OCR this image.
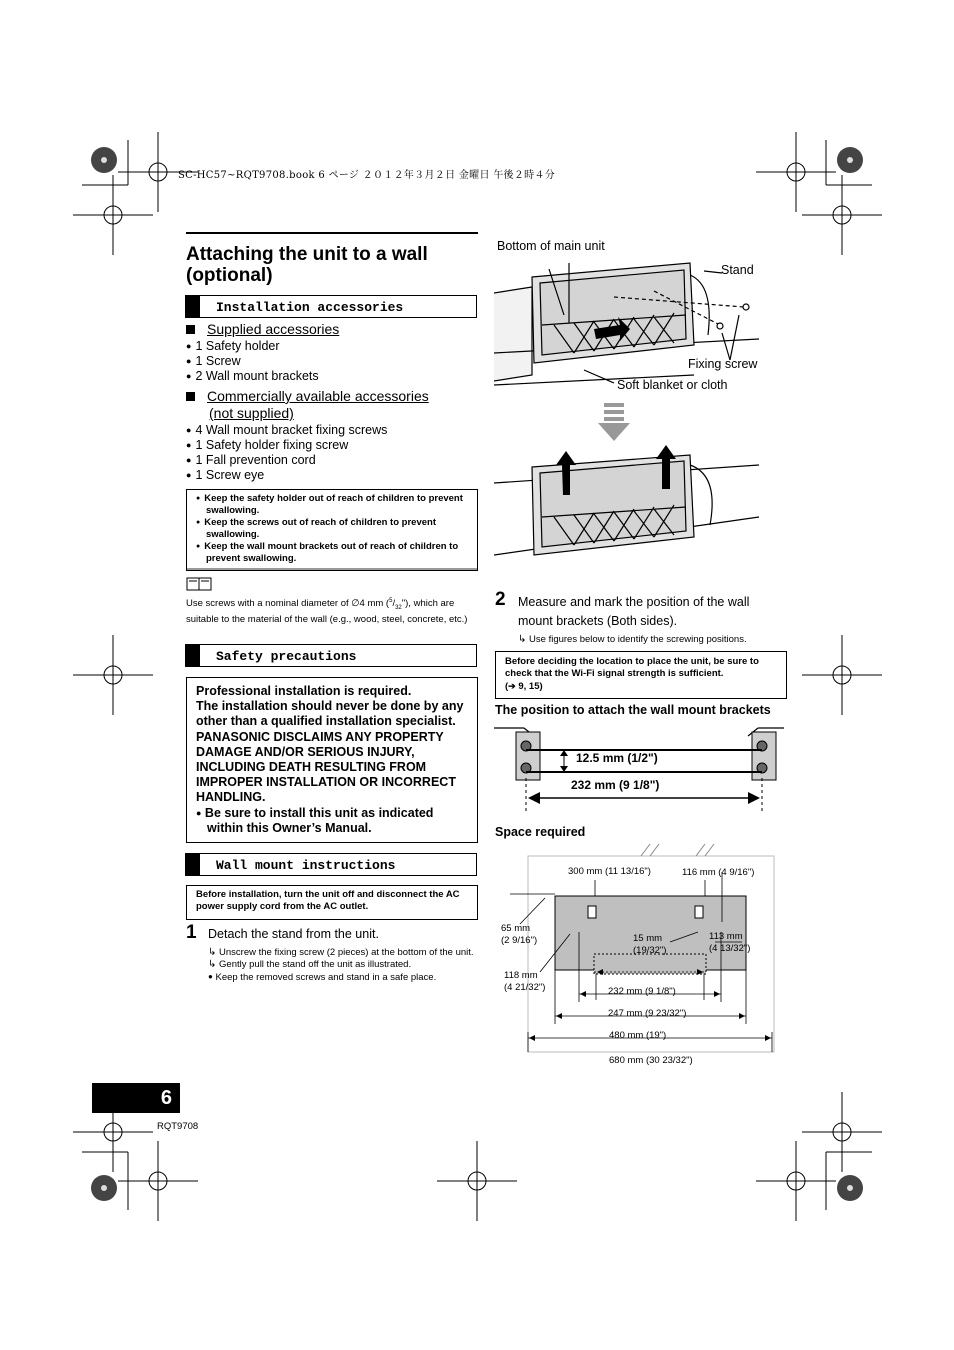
SC-HC57~RQT9708.book 6 ページ ２０１２年３月２日 金曜日 午後２時４分
Attaching the unit to a wall
(optional)
Installation accessories
Supplied accessories
● 1 Safety holder
● 1 Screw
● 2 Wall mount brackets
Commercially available accessories
(not supplied)
● 4 Wall mount bracket fixing screws
● 1 Safety holder fixing screw
● 1 Fall prevention cord
● 1 Screw eye
● Keep the safety holder out of reach of children to prevent swallowing.
● Keep the screws out of reach of children to prevent swallowing.
● Keep the wall mount brackets out of reach of children to prevent swallowing.
Use screws with a nominal diameter of ∅4 mm $(^5/_{32}")$, which are suitable to the material of the wall (e.g., wood, steel, concrete, etc.)
Safety precautions
Professional installation is required.
The installation should never be done by any other than a qualified installation specialist.
PANASONIC DISCLAIMS ANY PROPERTY DAMAGE AND/OR SERIOUS INJURY, INCLUDING DEATH RESULTING FROM IMPROPER INSTALLATION OR INCORRECT HANDLING.
● Be sure to install this unit as indicated within this Owner’s Manual.
Wall mount instructions
Before installation, turn the unit off and disconnect the AC power supply cord from the AC outlet.
1 Detach the stand from the unit.
↳ Unscrew the fixing screw (2 pieces) at the bottom of the unit.
↳ Gently pull the stand off the unit as illustrated.
● Keep the removed screws and stand in a safe place.
Bottom of main unit
Stand
Fixing screw
Soft blanket or cloth
2 Measure and mark the position of the wall
mount brackets (Both sides).
↳ Use figures below to identify the screwing positions.
Before deciding the location to place the unit, be sure to check that the Wi-Fi signal strength is sufficient.
(➔ 9, 15)
The position to attach the wall mount brackets
12.5 mm (1/2")
232 mm (9 1/8")
Space required
300 mm (11 13/16")	116 mm (4 9/16")
65 mm
(2 9/16")	15 mm
(19/32")
113 mm
(4 13/32")
118 mm
(4 21/32")	232 mm (9 1/8")
247 mm (9 23/32")
480 mm (19")
680 mm (30 23/32")
6
RQT9708
